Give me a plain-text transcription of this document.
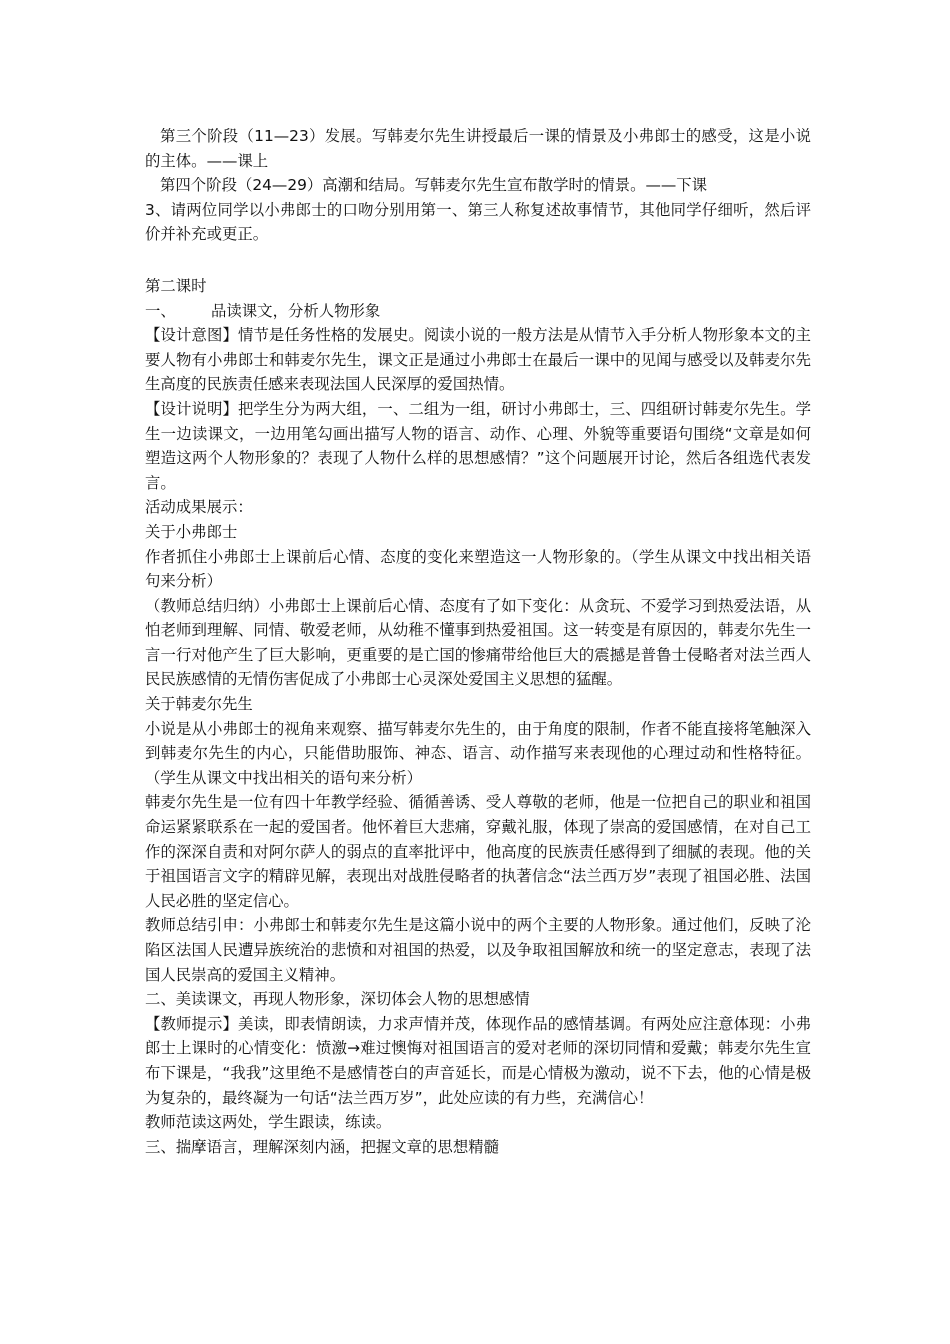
第三个阶段（11—23）发展。写韩麦尔先生讲授最后一课的情景及小弗郎士的感受，这是小说的主体。——课上

第四个阶段（24—29）高潮和结局。写韩麦尔先生宣布散学时的情景。——下课

3、请两位同学以小弗郎士的口吻分别用第一、第三人称复述故事情节，其他同学仔细听，然后评价并补充或更正。

第二课时

一、 品读课文，分析人物形象

【设计意图】情节是任务性格的发展史。阅读小说的一般方法是从情节入手分析人物形象本文的主要人物有小弗郎士和韩麦尔先生，课文正是通过小弗郎士在最后一课中的见闻与感受以及韩麦尔先生高度的民族责任感来表现法国人民深厚的爱国热情。

【设计说明】把学生分为两大组，一、二组为一组，研讨小弗郎士，三、四组研讨韩麦尔先生。学生一边读课文，一边用笔勾画出描写人物的语言、动作、心理、外貌等重要语句围绕“文章是如何塑造这两个人物形象的？表现了人物什么样的思想感情？”这个问题展开讨论，然后各组选代表发言。

活动成果展示：

关于小弗郎士

作者抓住小弗郎士上课前后心情、态度的变化来塑造这一人物形象的。（学生从课文中找出相关语句来分析）

（教师总结归纳）小弗郎士上课前后心情、态度有了如下变化：从贪玩、不爱学习到热爱法语，从怕老师到理解、同情、敬爱老师，从幼稚不懂事到热爱祖国。这一转变是有原因的，韩麦尔先生一言一行对他产生了巨大影响，更重要的是亡国的惨痛带给他巨大的震撼是普鲁士侵略者对法兰西人民民族感情的无情伤害促成了小弗郎士心灵深处爱国主义思想的猛醒。

关于韩麦尔先生

小说是从小弗郎士的视角来观察、描写韩麦尔先生的，由于角度的限制，作者不能直接将笔触深入到韩麦尔先生的内心，只能借助服饰、神态、语言、动作描写来表现他的心理过动和性格特征。（学生从课文中找出相关的语句来分析）

韩麦尔先生是一位有四十年教学经验、循循善诱、受人尊敬的老师，他是一位把自己的职业和祖国命运紧紧联系在一起的爱国者。他怀着巨大悲痛，穿戴礼服，体现了崇高的爱国感情，在对自己工作的深深自责和对阿尔萨人的弱点的直率批评中，他高度的民族责任感得到了细腻的表现。他的关于祖国语言文字的精辟见解，表现出对战胜侵略者的执著信念“法兰西万岁”表现了祖国必胜、法国人民必胜的坚定信心。

教师总结引申：小弗郎士和韩麦尔先生是这篇小说中的两个主要的人物形象。通过他们，反映了沦陷区法国人民遭异族统治的悲愤和对祖国的热爱，以及争取祖国解放和统一的坚定意志，表现了法国人民崇高的爱国主义精神。

二、美读课文，再现人物形象，深切体会人物的思想感情

【教师提示】美读，即表情朗读，力求声情并茂，体现作品的感情基调。有两处应注意体现：小弗郎士上课时的心情变化：愤激→难过懊悔对祖国语言的爱对老师的深切同情和爱戴；韩麦尔先生宣布下课是，“我我”这里绝不是感情苍白的声音延长，而是心情极为激动，说不下去，他的心情是极为复杂的，最终凝为一句话“法兰西万岁”，此处应读的有力些，充满信心！

教师范读这两处，学生跟读，练读。

三、揣摩语言，理解深刻内涵，把握文章的思想精髓
